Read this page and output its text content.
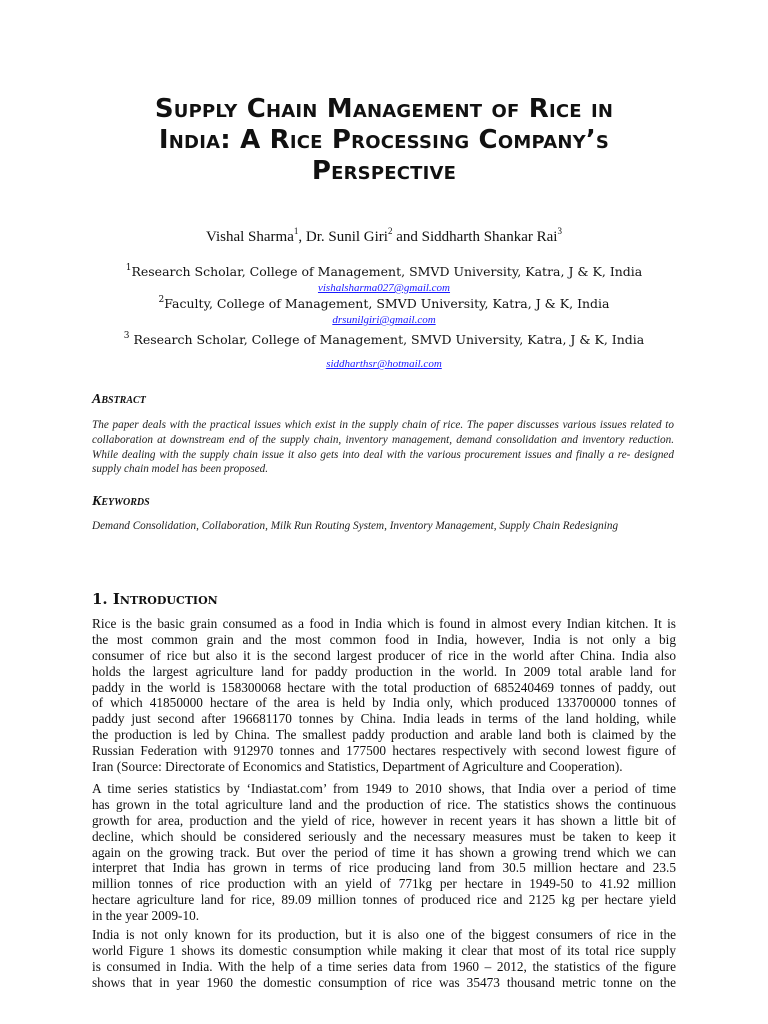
Supply Chain Management of Rice in
India: A Rice Processing Company’s
Perspective
Vishal Sharma$^1$, Dr. Sunil Giri$^2$ and Siddharth Shankar Rai$^3$
$^1$Research Scholar, College of Management, SMVD University, Katra, J & K, India
vishalsharma027@gmail.com
$^2$Faculty, College of Management, SMVD University, Katra, J & K, India
drsunilgiri@gmail.com
$^3$ Research Scholar, College of Management, SMVD University, Katra, J & K, India
siddharthsr@hotmail.com
Abstract
The paper deals with the practical issues which exist in the supply chain of rice. The paper discusses various issues related to collaboration at downstream end of the supply chain, inventory management, demand consolidation and inventory reduction. While dealing with the supply chain issue it also gets into deal with the various procurement issues and finally a re- designed supply chain model has been proposed.
Keywords
Demand Consolidation, Collaboration, Milk Run Routing System, Inventory Management, Supply Chain Redesigning
1. Introduction
Rice is the basic grain consumed as a food in India which is found in almost every Indian kitchen. It is
the most common grain and the most common food in India, however, India is not only a big
consumer of rice but also it is the second largest producer of rice in the world after China. India also
holds the largest agriculture land for paddy production in the world. In 2009 total arable land for
paddy in the world is 158300068 hectare with the total production of 685240469 tonnes of paddy, out
of which 41850000 hectare of the area is held by India only, which produced 133700000 tonnes of
paddy just second after 196681170 tonnes by China. India leads in terms of the land holding, while
the production is led by China. The smallest paddy production and arable land both is claimed by the
Russian Federation with 912970 tonnes and 177500 hectares respectively with second lowest figure of
Iran (Source: Directorate of Economics and Statistics, Department of Agriculture and Cooperation).
A time series statistics by ‘Indiastat.com’ from 1949 to 2010 shows, that India over a period of time
has grown in the total agriculture land and the production of rice. The statistics shows the continuous
growth for area, production and the yield of rice, however in recent years it has shown a little bit of
decline, which should be considered seriously and the necessary measures must be taken to keep it
again on the growing track. But over the period of time it has shown a growing trend which we can
interpret that India has grown in terms of rice producing land from 30.5 million hectare and 23.5
million tonnes of rice production with an yield of 771kg per hectare in 1949-50 to 41.92 million
hectare agriculture land for rice, 89.09 million tonnes of produced rice and 2125 kg per hectare yield
in the year 2009-10.
India is not only known for its production, but it is also one of the biggest consumers of rice in the
world Figure 1 shows its domestic consumption while making it clear that most of its total rice supply
is consumed in India. With the help of a time series data from 1960 – 2012, the statistics of the figure
shows that in year 1960 the domestic consumption of rice was 35473 thousand metric tonne on the
